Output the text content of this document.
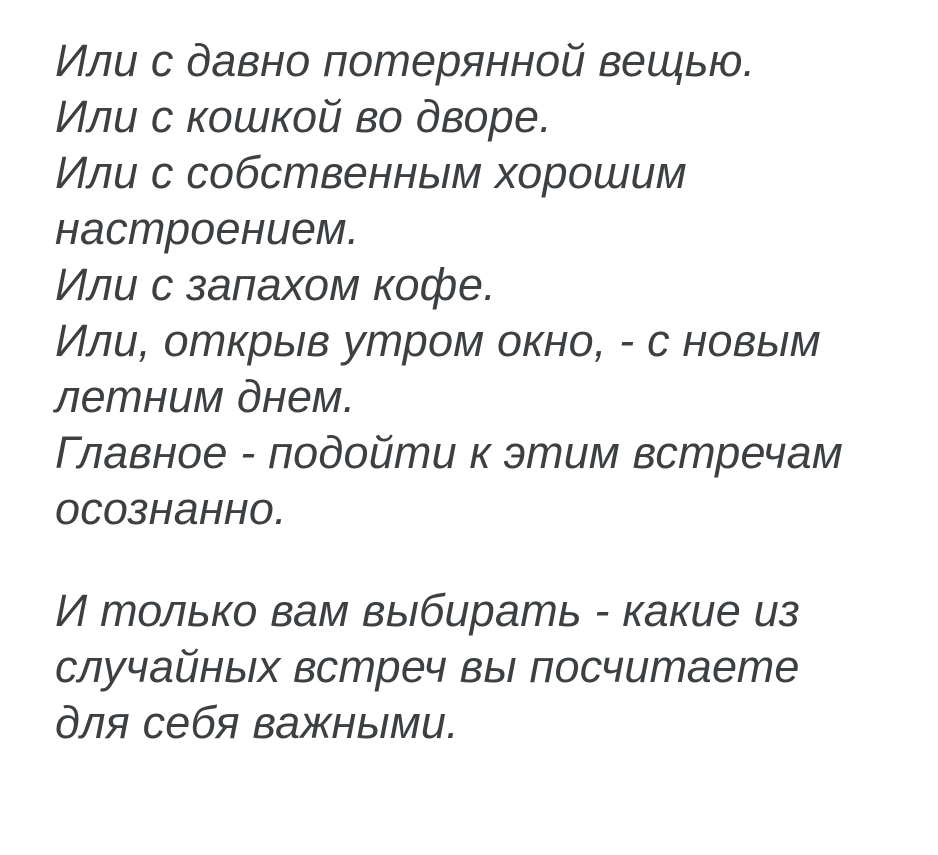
Или с давно потерянной вещью.
Или с кошкой во дворе.
Или с собственным хорошим
настроением.
Или с запахом кофе.
Или, открыв утром окно, - с новым
летним днем.
Главное - подойти к этим встречам
осознанно.
И только вам выбирать - какие из
случайных встреч вы посчитаете
для себя важными.
